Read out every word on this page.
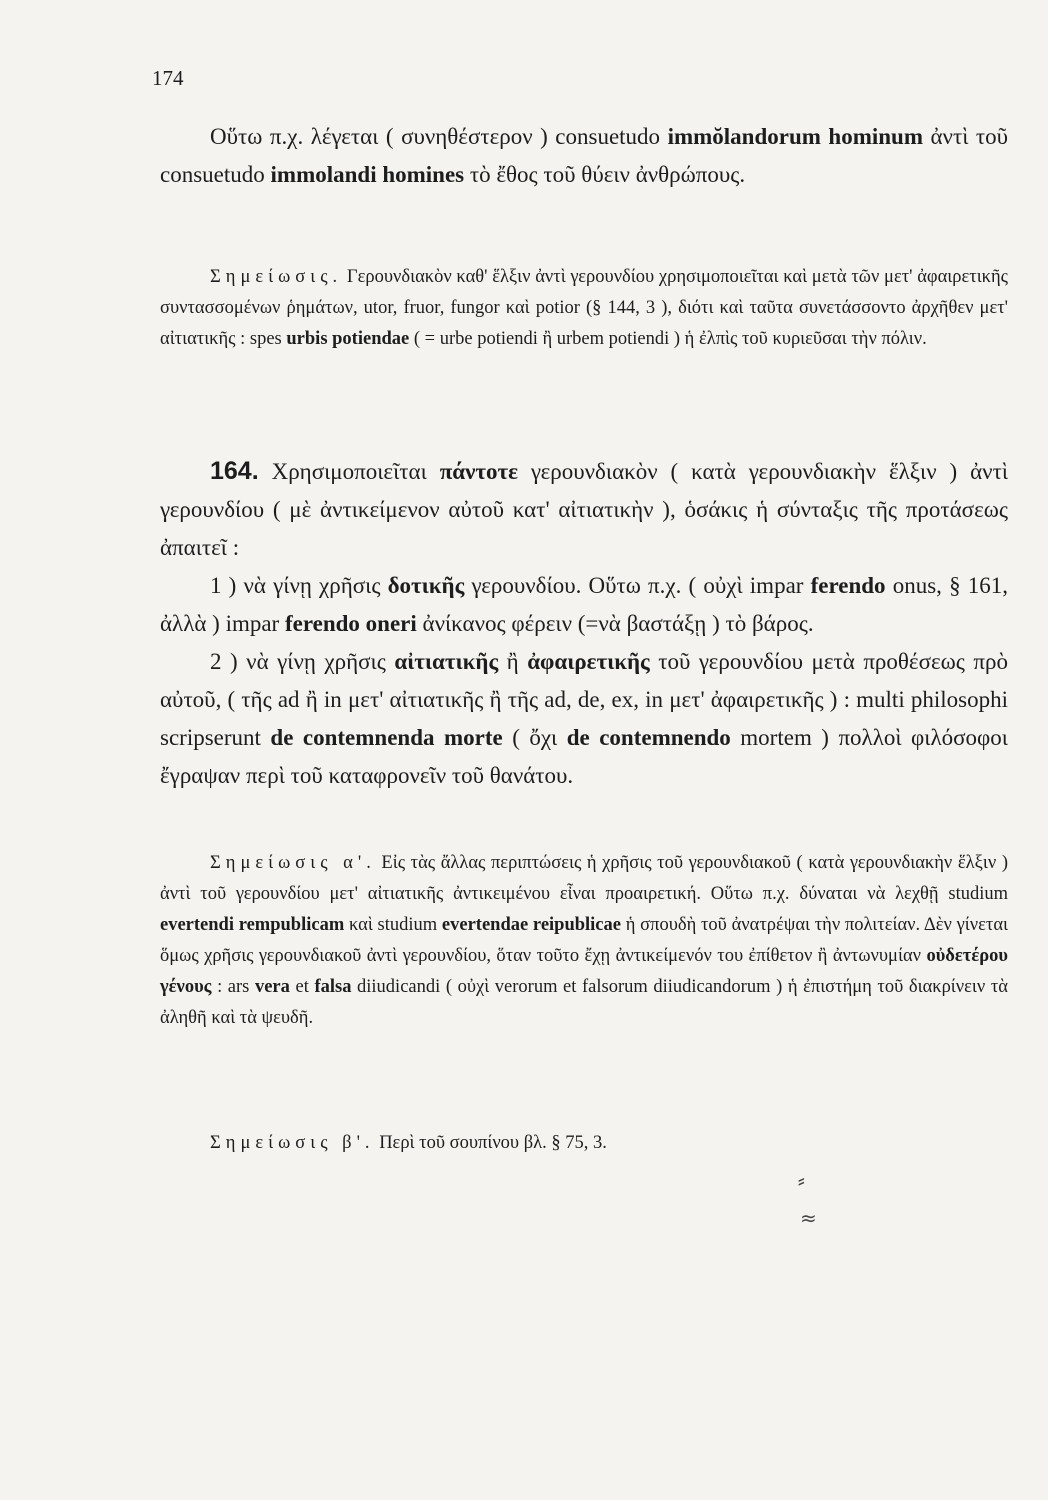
174

Οὕτω π.χ. λέγεται ( συνηθέστερον ) consuetudo immŏlandorum hominum ἀντὶ τοῦ consuetudo immolandi homines τὸ ἔθος τοῦ θύειν ἀνθρώπους.

Σημείωσις. Γερουνδιακὸν καθ' ἕλξιν ἀντὶ γερουνδίου χρησιμοποιεῖται καὶ μετὰ τῶν μετ' ἀφαιρετικῆς συντασσομένων ῥημάτων, utor, fruor, fungor καὶ potior (§ 144, 3 ), διότι καὶ ταῦτα συνετάσσοντο ἀρχῆθεν μετ' αἰτιατικῆς : spes urbis potiendae ( = urbe potiendi ἢ urbem potiendi ) ἡ ἐλπὶς τοῦ κυριεῦσαι τὴν πόλιν.

164. Χρησιμοποιεῖται πάντοτε γερουνδιακὸν ( κατὰ γερουνδιακὴν ἕλξιν ) ἀντὶ γερουνδίου ( μὲ ἀντικείμενον αὐτοῦ κατ' αἰτιατικὴν ), ὁσάκις ἡ σύνταξις τῆς προτάσεως ἀπαιτεῖ :

1 ) νὰ γίνῃ χρῆσις δοτικῆς γερουνδίου. Οὕτω π.χ. ( οὐχὶ impar ferendo onus, § 161, ἀλλὰ ) impar ferendo oneri ἀνίκανος φέρειν (=νὰ βαστάξῃ ) τὸ βάρος.

2 ) νὰ γίνῃ χρῆσις αἰτιατικῆς ἢ ἀφαιρετικῆς τοῦ γερουνδίου μετὰ προθέσεως πρὸ αὐτοῦ, ( τῆς ad ἢ in μετ' αἰτιατικῆς ἢ τῆς ad, de, ex, in μετ' ἀφαιρετικῆς ) : multi philosophi scripserunt de contemnenda morte ( ὄχι de contemnendo mortem ) πολλοὶ φιλόσοφοι ἔγραψαν περὶ τοῦ καταφρονεῖν τοῦ θανάτου.

Σημείωσις α'. Εἰς τὰς ἄλλας περιπτώσεις ἡ χρῆσις τοῦ γερουνδιακοῦ ( κατὰ γερουνδιακὴν ἕλξιν ) ἀντὶ τοῦ γερουνδίου μετ' αἰτιατικῆς ἀντικειμένου εἶναι προαιρετική. Οὕτω π.χ. δύναται νὰ λεχθῇ studium evertendi rempublicam καὶ studium evertendae reipublicae ἡ σπουδὴ τοῦ ἀνατρέψαι τὴν πολιτείαν. Δὲν γίνεται ὅμως χρῆσις γερουνδιακοῦ ἀντὶ γερουνδίου, ὅταν τοῦτο ἔχῃ ἀντικείμενόν του ἐπίθετον ἢ ἀντωνυμίαν οὐδετέρου γένους : ars vera et falsa diiudicandi ( οὐχὶ verorum et falsorum diiudicandorum ) ἡ ἐπιστήμη τοῦ διακρίνειν τὰ ἀληθῆ καὶ τὰ ψευδῆ.

Σημείωσις β'. Περὶ τοῦ σουπίνου βλ. § 75, 3.

⸗
≈
